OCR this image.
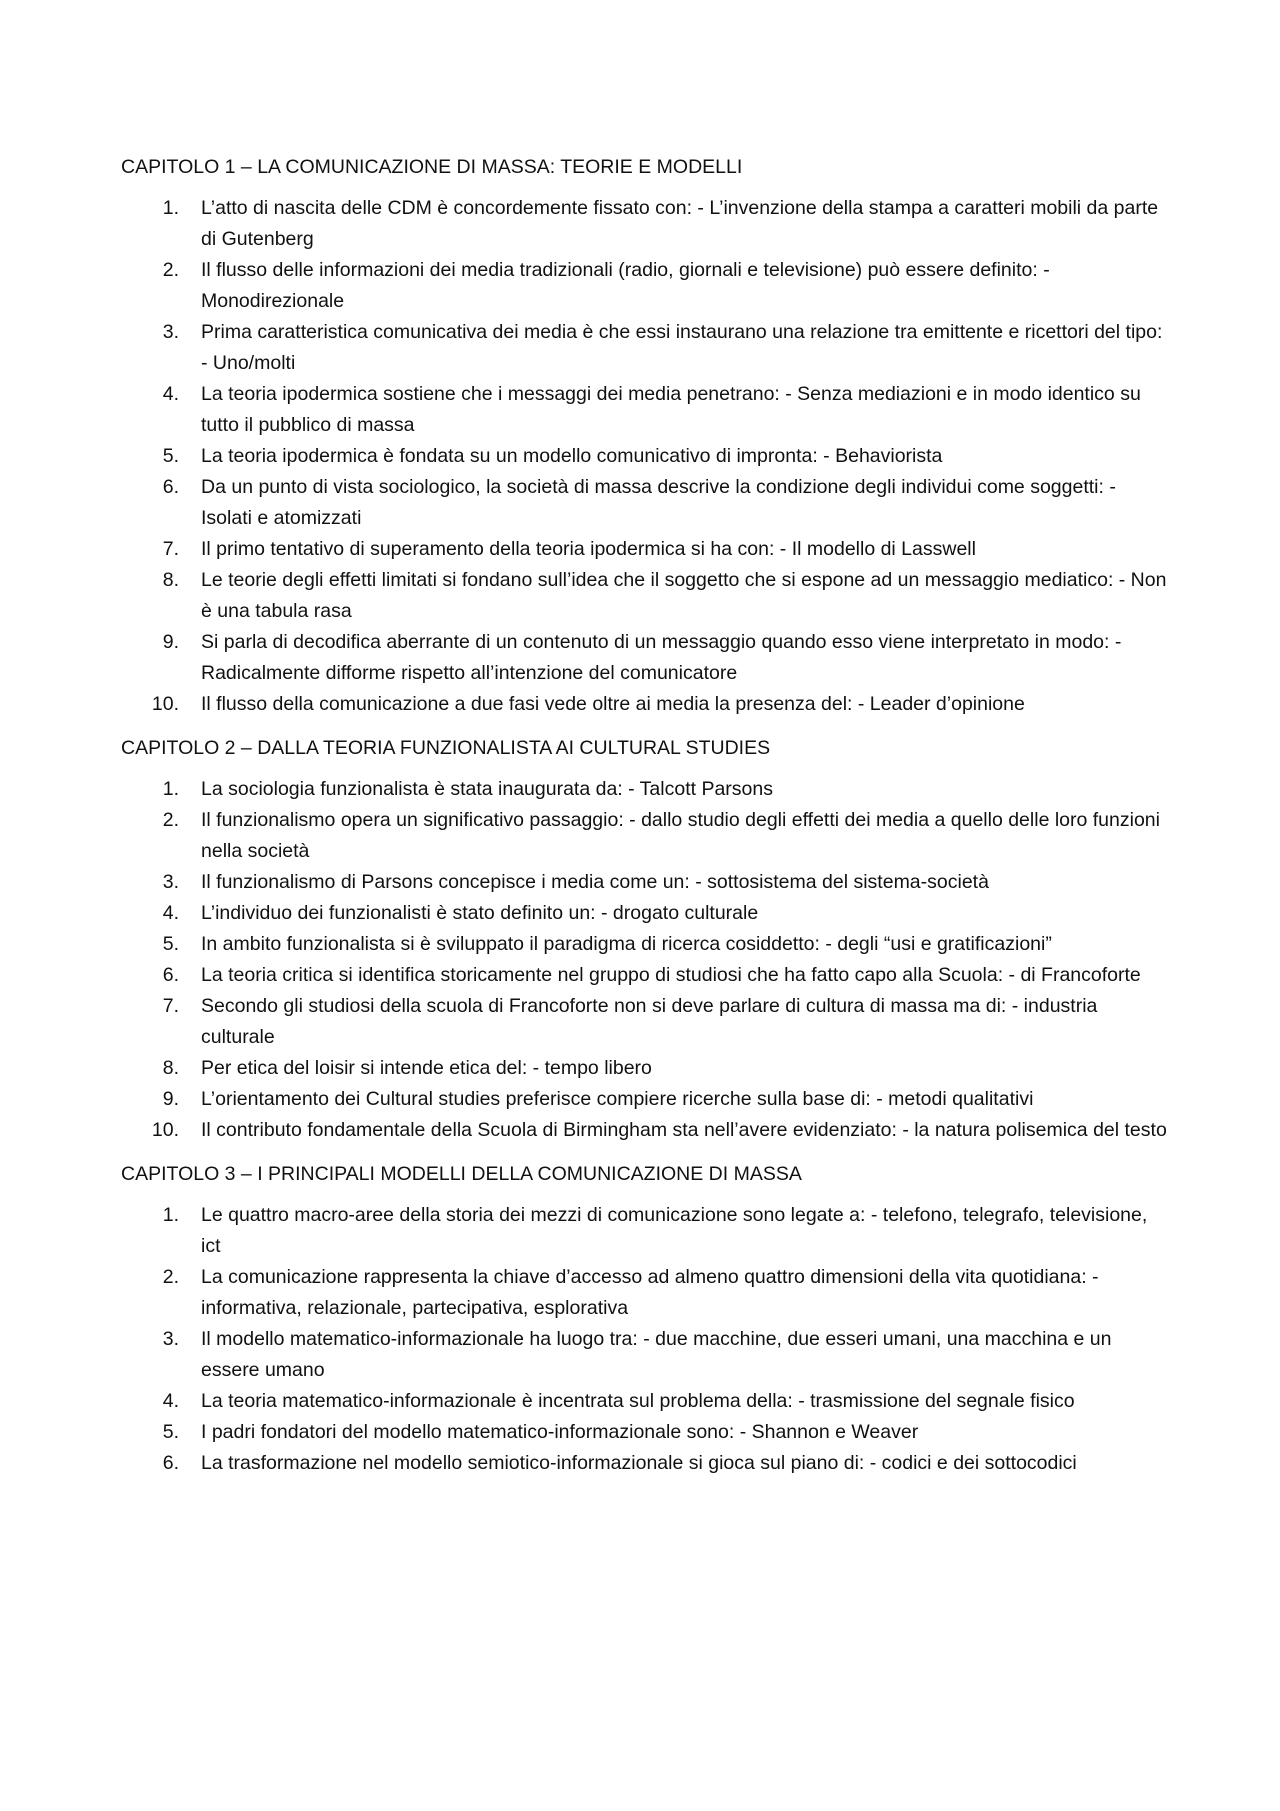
CAPITOLO 1 – LA COMUNICAZIONE DI MASSA: TEORIE E MODELLI
1. L’atto di nascita delle CDM è concordemente fissato con: - L’invenzione della stampa a caratteri mobili da parte di Gutenberg
2. Il flusso delle informazioni dei media tradizionali (radio, giornali e televisione) può essere definito: - Monodirezionale
3. Prima caratteristica comunicativa dei media è che essi instaurano una relazione tra emittente e ricettori del tipo: - Uno/molti
4. La teoria ipodermica sostiene che i messaggi dei media penetrano: - Senza mediazioni e in modo identico su tutto il pubblico di massa
5. La teoria ipodermica è fondata su un modello comunicativo di impronta: - Behaviorista
6. Da un punto di vista sociologico, la società di massa descrive la condizione degli individui come soggetti: - Isolati e atomizzati
7. Il primo tentativo di superamento della teoria ipodermica si ha con: - Il modello di Lasswell
8. Le teorie degli effetti limitati si fondano sull’idea che il soggetto che si espone ad un messaggio mediatico: - Non è una tabula rasa
9. Si parla di decodifica aberrante di un contenuto di un messaggio quando esso viene interpretato in modo: - Radicalmente difforme rispetto all’intenzione del comunicatore
10. Il flusso della comunicazione a due fasi vede oltre ai media la presenza del: - Leader d’opinione
CAPITOLO 2 – DALLA TEORIA FUNZIONALISTA AI CULTURAL STUDIES
1. La sociologia funzionalista è stata inaugurata da: - Talcott Parsons
2. Il funzionalismo opera un significativo passaggio: - dallo studio degli effetti dei media a quello delle loro funzioni nella società
3. Il funzionalismo di Parsons concepisce i media come un: - sottosistema del sistema-società
4. L’individuo dei funzionalisti è stato definito un: - drogato culturale
5. In ambito funzionalista si è sviluppato il paradigma di ricerca cosiddetto: - degli “usi e gratificazioni”
6. La teoria critica si identifica storicamente nel gruppo di studiosi che ha fatto capo alla Scuola: - di Francoforte
7. Secondo gli studiosi della scuola di Francoforte non si deve parlare di cultura di massa ma di: - industria culturale
8. Per etica del loisir si intende etica del: - tempo libero
9. L’orientamento dei Cultural studies preferisce compiere ricerche sulla base di: - metodi qualitativi
10. Il contributo fondamentale della Scuola di Birmingham sta nell’avere evidenziato: - la natura polisemica del testo
CAPITOLO 3 – I PRINCIPALI MODELLI DELLA COMUNICAZIONE DI MASSA
1. Le quattro macro-aree della storia dei mezzi di comunicazione sono legate a: - telefono, telegrafo, televisione, ict
2. La comunicazione rappresenta la chiave d’accesso ad almeno quattro dimensioni della vita quotidiana: - informativa, relazionale, partecipativa, esplorativa
3. Il modello matematico-informazionale ha luogo tra: - due macchine, due esseri umani, una macchina e un essere umano
4. La teoria matematico-informazionale è incentrata sul problema della: - trasmissione del segnale fisico
5. I padri fondatori del modello matematico-informazionale sono: - Shannon e Weaver
6. La trasformazione nel modello semiotico-informazionale si gioca sul piano di: - codici e dei sottocodici
